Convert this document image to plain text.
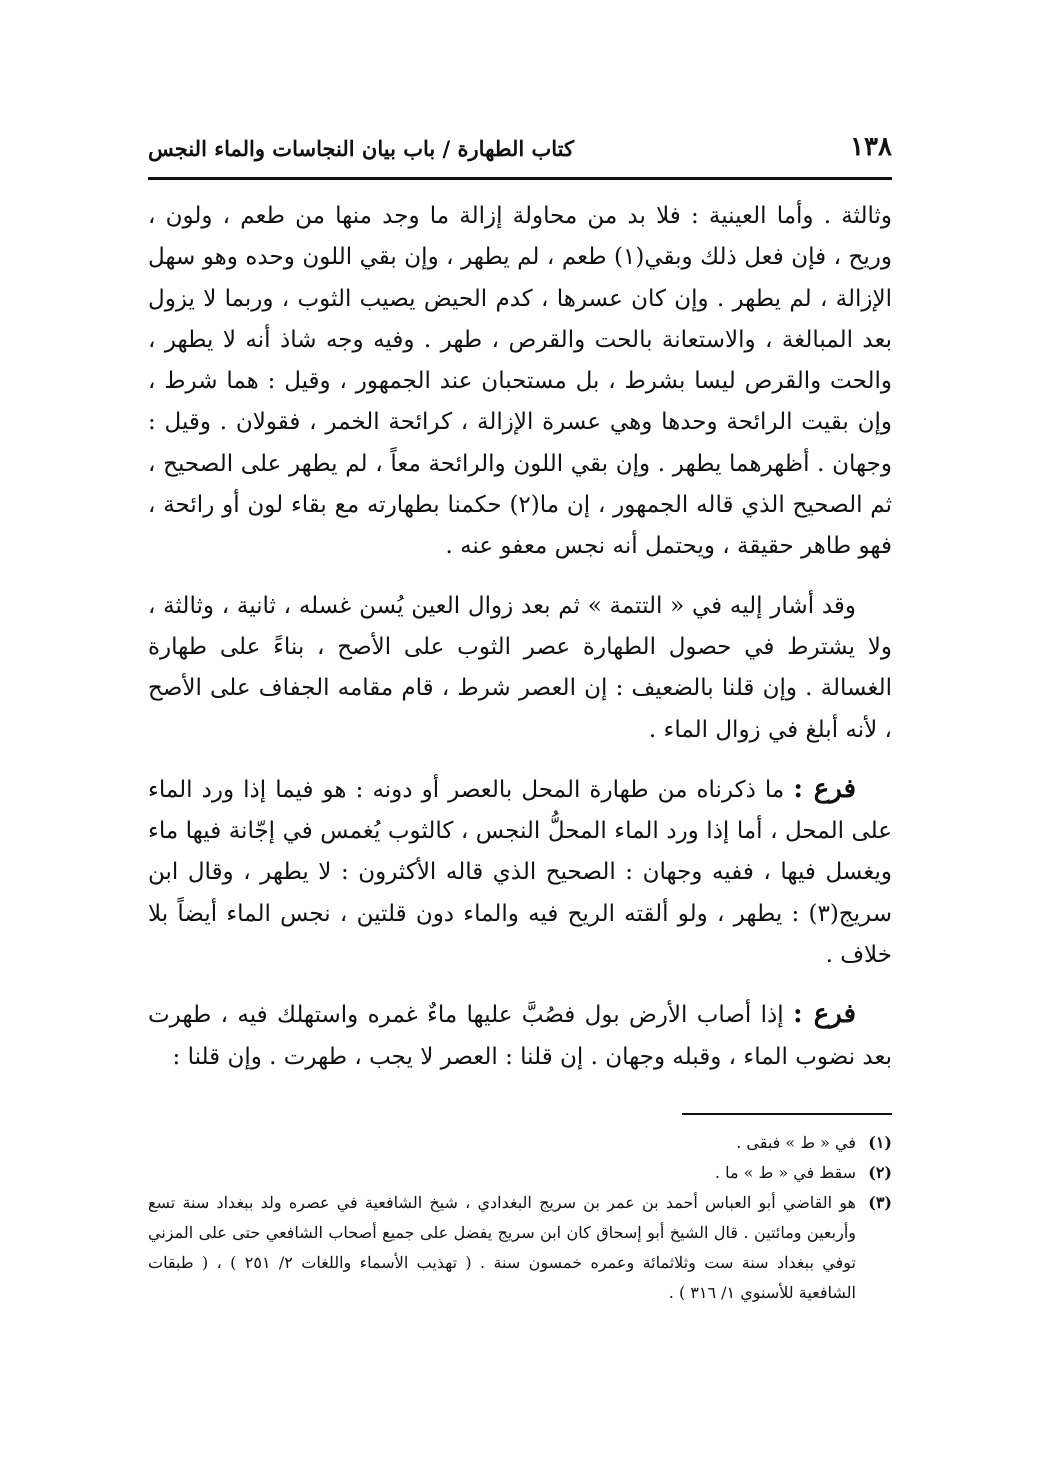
١٣٨
كتاب الطهارة / باب بيان النجاسات والماء النجس

وثالثة . وأما العينية : فلا بد من محاولة إزالة ما وجد منها من طعم ، ولون ، وريح ، فإن فعل ذلك وبقي(١) طعم ، لم يطهر ، وإن بقي اللون وحده وهو سهل الإزالة ، لم يطهر . وإن كان عسرها ، كدم الحيض يصيب الثوب ، وربما لا يزول بعد المبالغة ، والاستعانة بالحت والقرص ، طهر . وفيه وجه شاذ أنه لا يطهر ، والحت والقرص ليسا بشرط ، بل مستحبان عند الجمهور ، وقيل : هما شرط ، وإن بقيت الرائحة وحدها وهي عسرة الإزالة ، كرائحة الخمر ، فقولان . وقيل : وجهان . أظهرهما يطهر . وإن بقي اللون والرائحة معاً ، لم يطهر على الصحيح ، ثم الصحيح الذي قاله الجمهور ، إن ما(٢) حكمنا بطهارته مع بقاء لون أو رائحة ، فهو طاهر حقيقة ، ويحتمل أنه نجس معفو عنه .

وقد أشار إليه في « التتمة » ثم بعد زوال العين يُسن غسله ، ثانية ، وثالثة ، ولا يشترط في حصول الطهارة عصر الثوب على الأصح ، بناءً على طهارة الغسالة . وإن قلنا بالضعيف : إن العصر شرط ، قام مقامه الجفاف على الأصح ، لأنه أبلغ في زوال الماء .

فرع : ما ذكرناه من طهارة المحل بالعصر أو دونه : هو فيما إذا ورد الماء على المحل ، أما إذا ورد الماء المحلُّ النجس ، كالثوب يُغمس في إجّانة فيها ماء ويغسل فيها ، ففيه وجهان : الصحيح الذي قاله الأكثرون : لا يطهر ، وقال ابن سريج(٣) : يطهر ، ولو ألقته الريح فيه والماء دون قلتين ، نجس الماء أيضاً بلا خلاف .

فرع : إذا أصاب الأرض بول فصُبَّ عليها ماءٌ غمره واستهلك فيه ، طهرت بعد نضوب الماء ، وقبله وجهان . إن قلنا : العصر لا يجب ، طهرت . وإن قلنا :

(١)
في « ط » فبقى .
(٢)
سقط في « ط » ما .
(٣)
هو القاضي أبو العباس أحمد بن عمر بن سريج البغدادي ، شيخ الشافعية في عصره ولد ببغداد سنة تسع وأربعين ومائتين . قال الشيخ أبو إسحاق كان ابن سريج يفضل على جميع أصحاب الشافعي حتى على المزني توفي ببغداد سنة ست وثلاثمائة وعمره خمسون سنة . ( تهذيب الأسماء واللغات ٢/ ٢٥١ ) ، ( طبقات الشافعية للأسنوي ١/ ٣١٦ ) .
